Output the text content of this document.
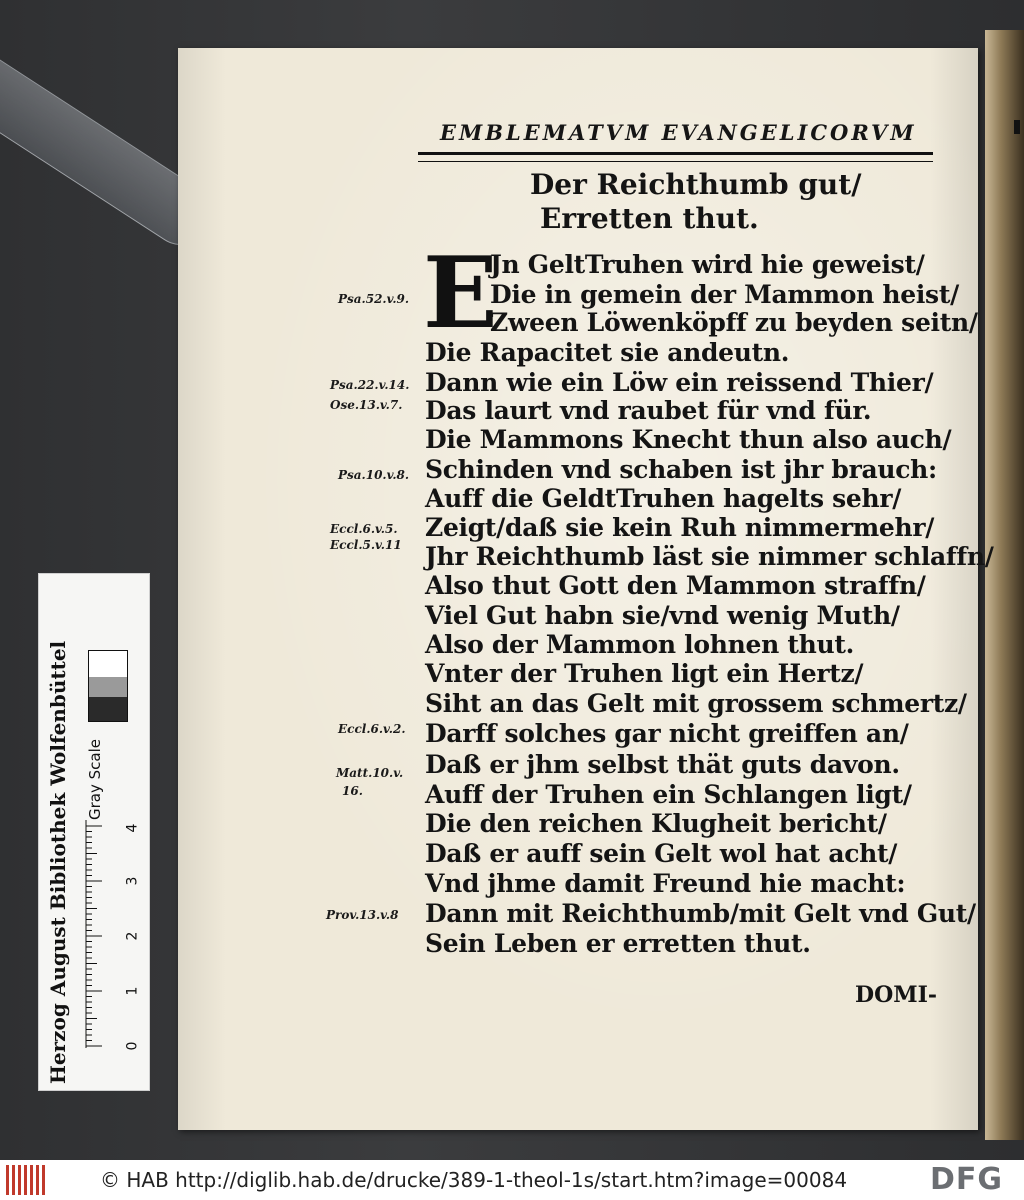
EMBLEMATVM EVANGELICORVM
Der Reichthumb gut/
Erretten thut.
E
Jn GeltTruhen wird hie geweist/
Die in gemein der Mammon heist/
Zween Löwenköpff zu beyden seitn/
Die Rapacitet sie andeutn.
Dann wie ein Löw ein reissend Thier/
Das laurt vnd raubet für vnd für.
Die Mammons Knecht thun also auch/
Schinden vnd schaben ist jhr brauch:
Auff die GeldtTruhen hagelts sehr/
Zeigt/daß sie kein Ruh nimmermehr/
Jhr Reichthumb läst sie nimmer schlaffn/
Also thut Gott den Mammon straffn/
Viel Gut habn sie/vnd wenig Muth/
Also der Mammon lohnen thut.
Vnter der Truhen ligt ein Hertz/
Siht an das Gelt mit grossem schmertz/
Darff solches gar nicht greiffen an/
Daß er jhm selbst thät guts davon.
Auff der Truhen ein Schlangen ligt/
Die den reichen Klugheit bericht/
Daß er auff sein Gelt wol hat acht/
Vnd jhme damit Freund hie macht:
Dann mit Reichthumb/mit Gelt vnd Gut/
Sein Leben er erretten thut.
Psa.52.v.9.
Psa.22.v.14.
Ose.13.v.7.
Psa.10.v.8.
Eccl.6.v.5.
Eccl.5.v.11
Eccl.6.v.2.
Matt.10.v.
16.
Prov.13.v.8
DOMI-
Herzog August Bibliothek Wolfenbüttel	Gray Scale
0
1
2
3
4
© HAB http://diglib.hab.de/drucke/389-1-theol-1s/start.htm?image=00084	DFG
